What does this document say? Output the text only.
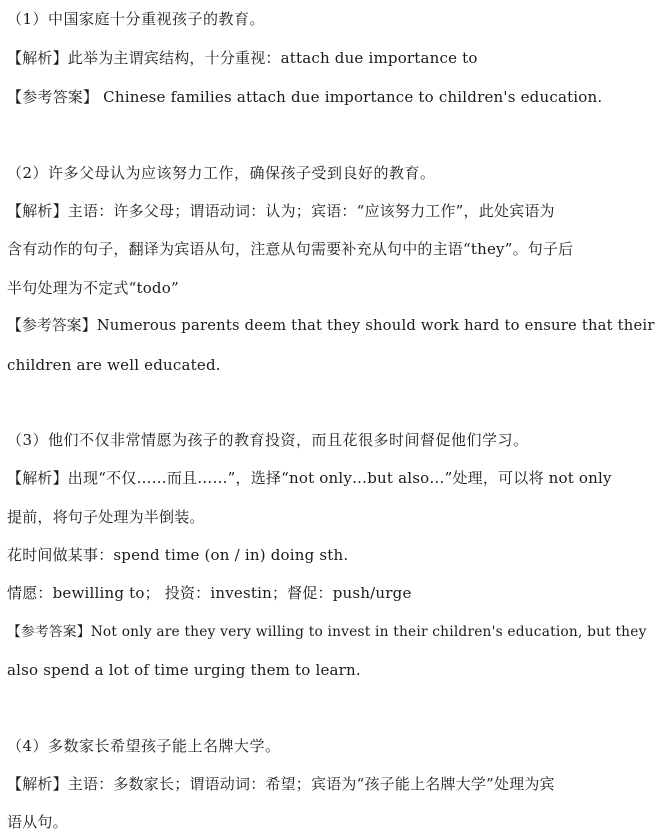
（1）中国家庭十分重视孩子的教育。
【解析】此举为主谓宾结构，十分重视：attach due importance to
【参考答案】 Chinese families attach due importance to children's education.
（2）许多父母认为应该努力工作，确保孩子受到良好的教育。
【解析】主语：许多父母；谓语动词：认为；宾语：“应该努力工作”，此处宾语为
含有动作的句子，翻译为宾语从句，注意从句需要补充从句中的主语“they”。句子后
半句处理为不定式“todo”
【参考答案】Numerous parents deem that they should work hard to ensure that their
children are well educated.
（3）他们不仅非常情愿为孩子的教育投资，而且花很多时间督促他们学习。
【解析】出现“不仅……而且……”，选择“not only…but also…”处理，可以将 not only
提前，将句子处理为半倒装。
花时间做某事：spend time (on / in) doing sth.
情愿：bewilling to； 投资：investin；督促：push/urge
【参考答案】Not only are they very willing to invest in their children's education, but they
also spend a lot of time urging them to learn.
（4）多数家长希望孩子能上名牌大学。
【解析】主语：多数家长；谓语动词：希望；宾语为“孩子能上名牌大学”处理为宾
语从句。
